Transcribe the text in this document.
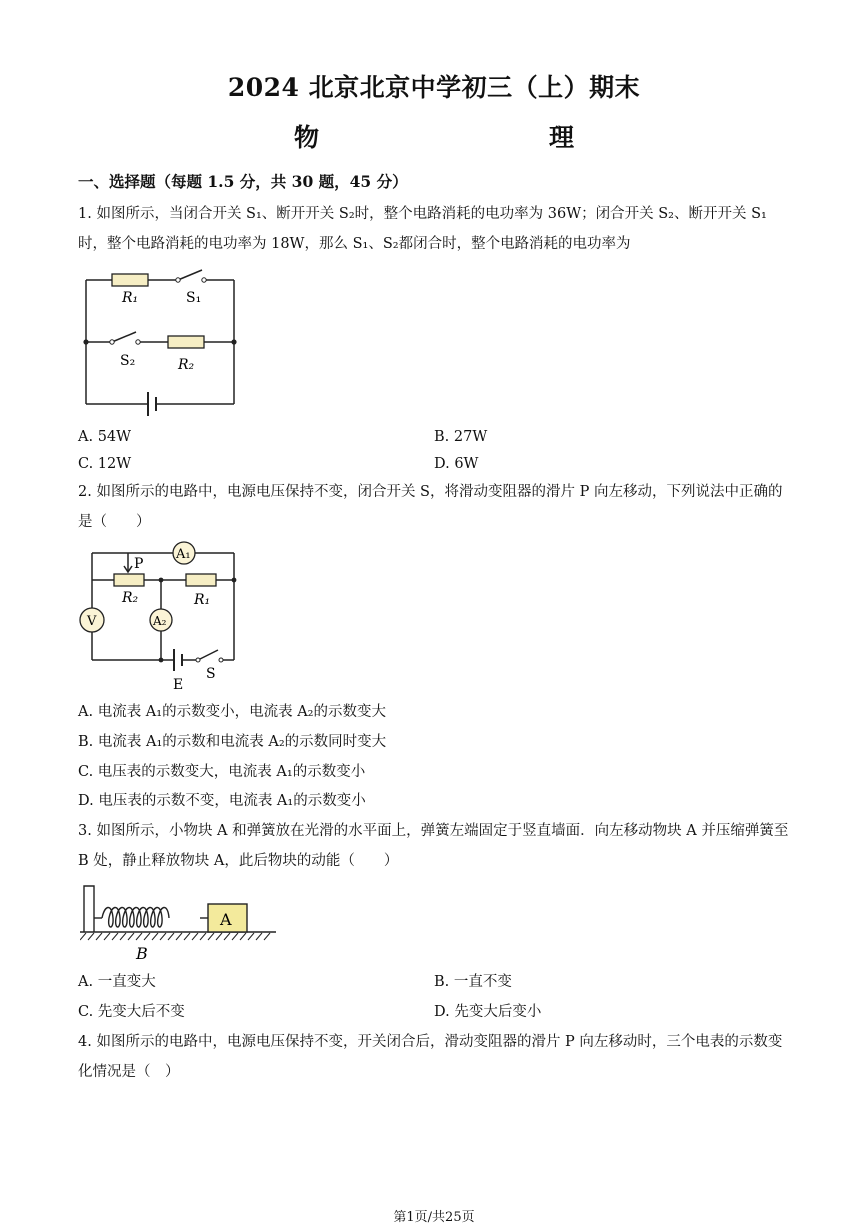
2024 北京北京中学初三（上）期末
物　　理
一、选择题（每题 1.5 分，共 30 题，45 分）
1. 如图所示，当闭合开关 S₁、断开开关 S₂时，整个电路消耗的电功率为 36W；闭合开关 S₂、断开开关 S₁时，整个电路消耗的电功率为 18W，那么 S₁、S₂都闭合时，整个电路消耗的电功率为
R₁	S₁
S₂	R₂
A. 54W	B. 27W
C. 12W	D. 6W
2. 如图所示的电路中，电源电压保持不变，闭合开关 S，将滑动变阻器的滑片 P 向左移动，下列说法中正确的是（　　）
A₁
P
R₂	R₁
V	A₂
E
S
A. 电流表 A₁的示数变小，电流表 A₂的示数变大
B. 电流表 A₁的示数和电流表 A₂的示数同时变大
C. 电压表的示数变大，电流表 A₁的示数变小
D. 电压表的示数不变，电流表 A₁的示数变小
3. 如图所示，小物块 A 和弹簧放在光滑的水平面上，弹簧左端固定于竖直墙面．向左移动物块 A 并压缩弹簧至 B 处，静止释放物块 A，此后物块的动能（　　）
A
B
A. 一直变大	B. 一直不变
C. 先变大后不变	D. 先变大后变小
4. 如图所示的电路中，电源电压保持不变，开关闭合后，滑动变阻器的滑片 P 向左移动时，三个电表的示数变化情况是（　）
第1页/共25页
